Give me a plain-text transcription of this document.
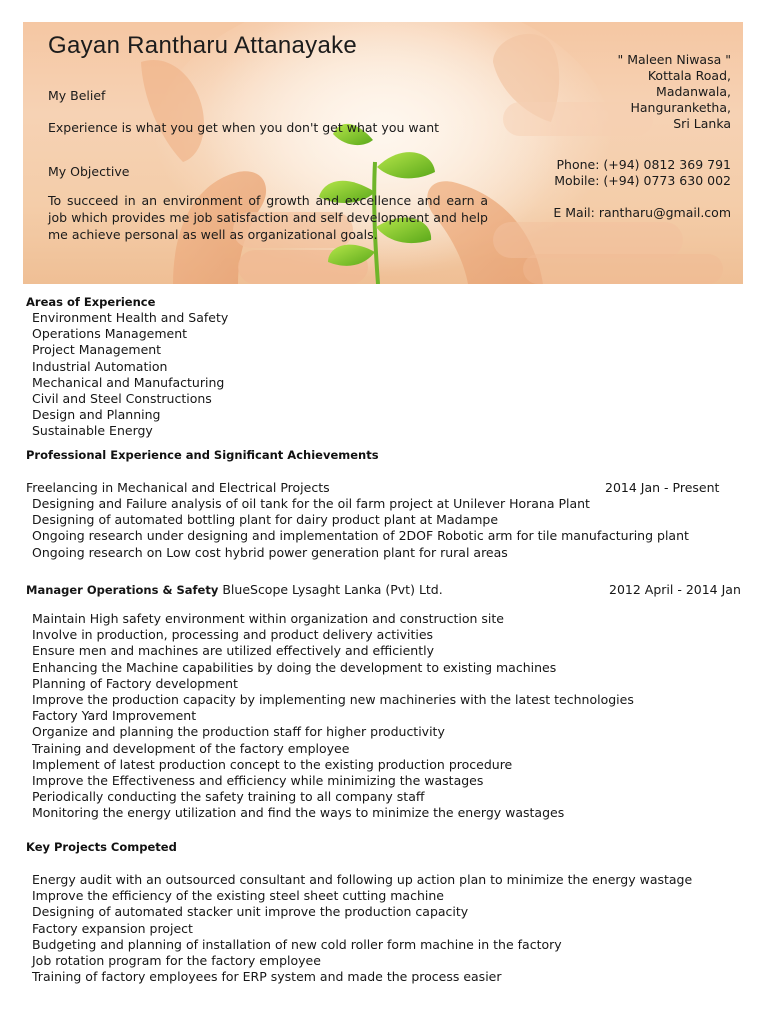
Gayan Rantharu Attanayake
My Belief
Experience is what you get when you don't get what you want
My Objective

To succeed in an environment of growth and excellence and earn a job which provides me job satisfaction and self development and help me achieve personal as well as organizational goals.

" Maleen Niwasa "
Kottala Road,
Madanwala,
Hanguranketha,
Sri Lanka
Phone: (+94) 0812 369 791
Mobile: (+94) 0773 630 002
E Mail: rantharu@gmail.com
Areas of Experience
Environment Health and Safety
Operations Management
Project Management
Industrial Automation
Mechanical and Manufacturing
Civil and Steel Constructions
Design and Planning
Sustainable Energy
Professional Experience and Significant Achievements
Freelancing in Mechanical and Electrical Projects	2014 Jan - Present
Designing and Failure analysis of oil tank for the oil farm project at Unilever Horana Plant
Designing of automated bottling plant for dairy product plant at Madampe
Ongoing research under designing and implementation of 2DOF Robotic arm for tile manufacturing plant
Ongoing research on Low cost hybrid power generation plant for rural areas
Manager Operations & Safety BlueScope Lysaght Lanka (Pvt) Ltd.	2012 April - 2014 Jan
Maintain High safety environment within organization and construction site
Involve in production, processing and product delivery activities
Ensure men and machines are utilized effectively and efficiently
Enhancing the Machine capabilities by doing the development to existing machines
Planning of Factory development
Improve the production capacity by implementing new machineries with the latest technologies
Factory Yard Improvement
Organize and planning the production staff for higher productivity
Training and development of the factory employee
Implement of latest production concept to the existing production procedure
Improve the Effectiveness and efficiency while minimizing the wastages
Periodically conducting the safety training to all company staff
Monitoring the energy utilization and find the ways to minimize the energy wastages
Key Projects Competed
Energy audit with an outsourced consultant and following up action plan to minimize the energy wastage
Improve the efficiency of the existing steel sheet cutting machine
Designing of automated stacker unit improve the production capacity
Factory expansion project
Budgeting and planning of installation of new cold roller form machine in the factory
Job rotation program for the factory employee
Training of factory employees for ERP system and made the process easier
